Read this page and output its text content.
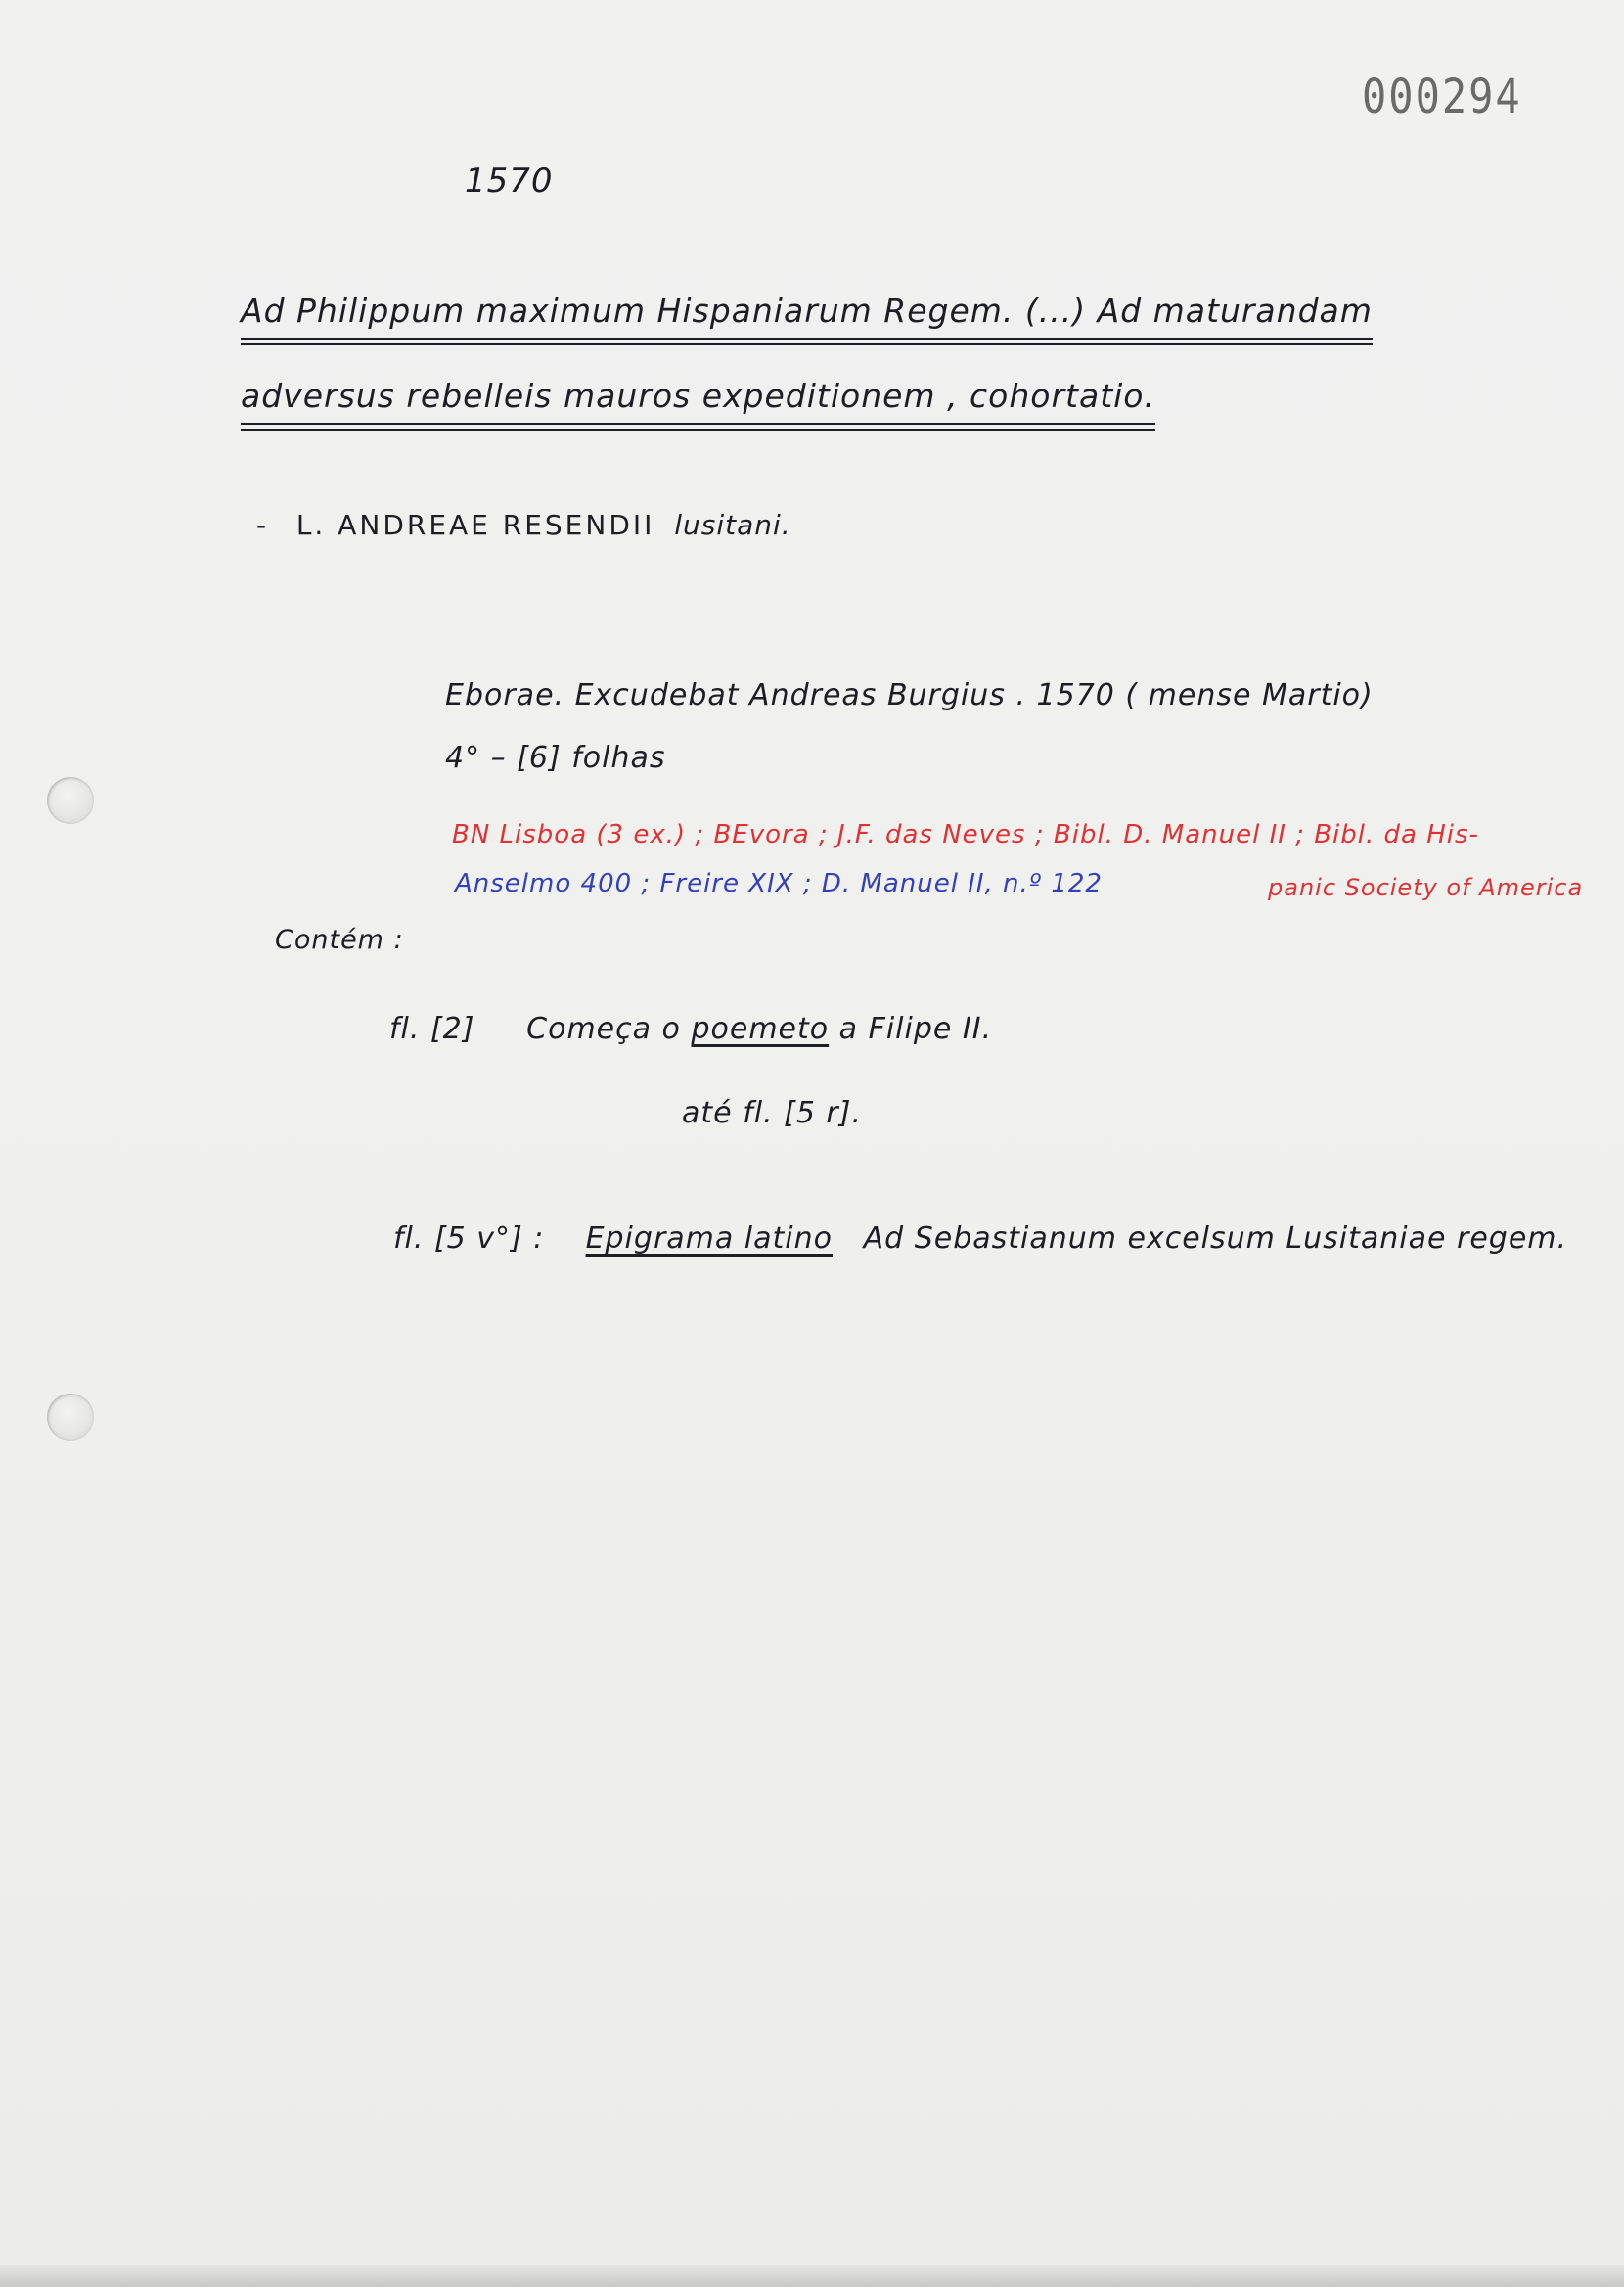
000294
1570
Ad Philippum maximum Hispaniarum Regem. (...) Ad maturandam
adversus rebelleis mauros expeditionem , cohortatio.
- L. ANDREAE RESENDII lusitani.
Eborae. Excudebat Andreas Burgius . 1570 ( mense Martio)
4° – [6] folhas
BN Lisboa (3 ex.) ; BEvora ; J.F. das Neves ; Bibl. D. Manuel II ; Bibl. da His-
Anselmo 400 ; Freire XIX ; D. Manuel II, n.º 122	panic Society of America
Contém :
fl. [2] Começa o poemeto a Filipe II.
até fl. [5 r].
fl. [5 v°] : Epigrama latino Ad Sebastianum excelsum Lusitaniae regem.
